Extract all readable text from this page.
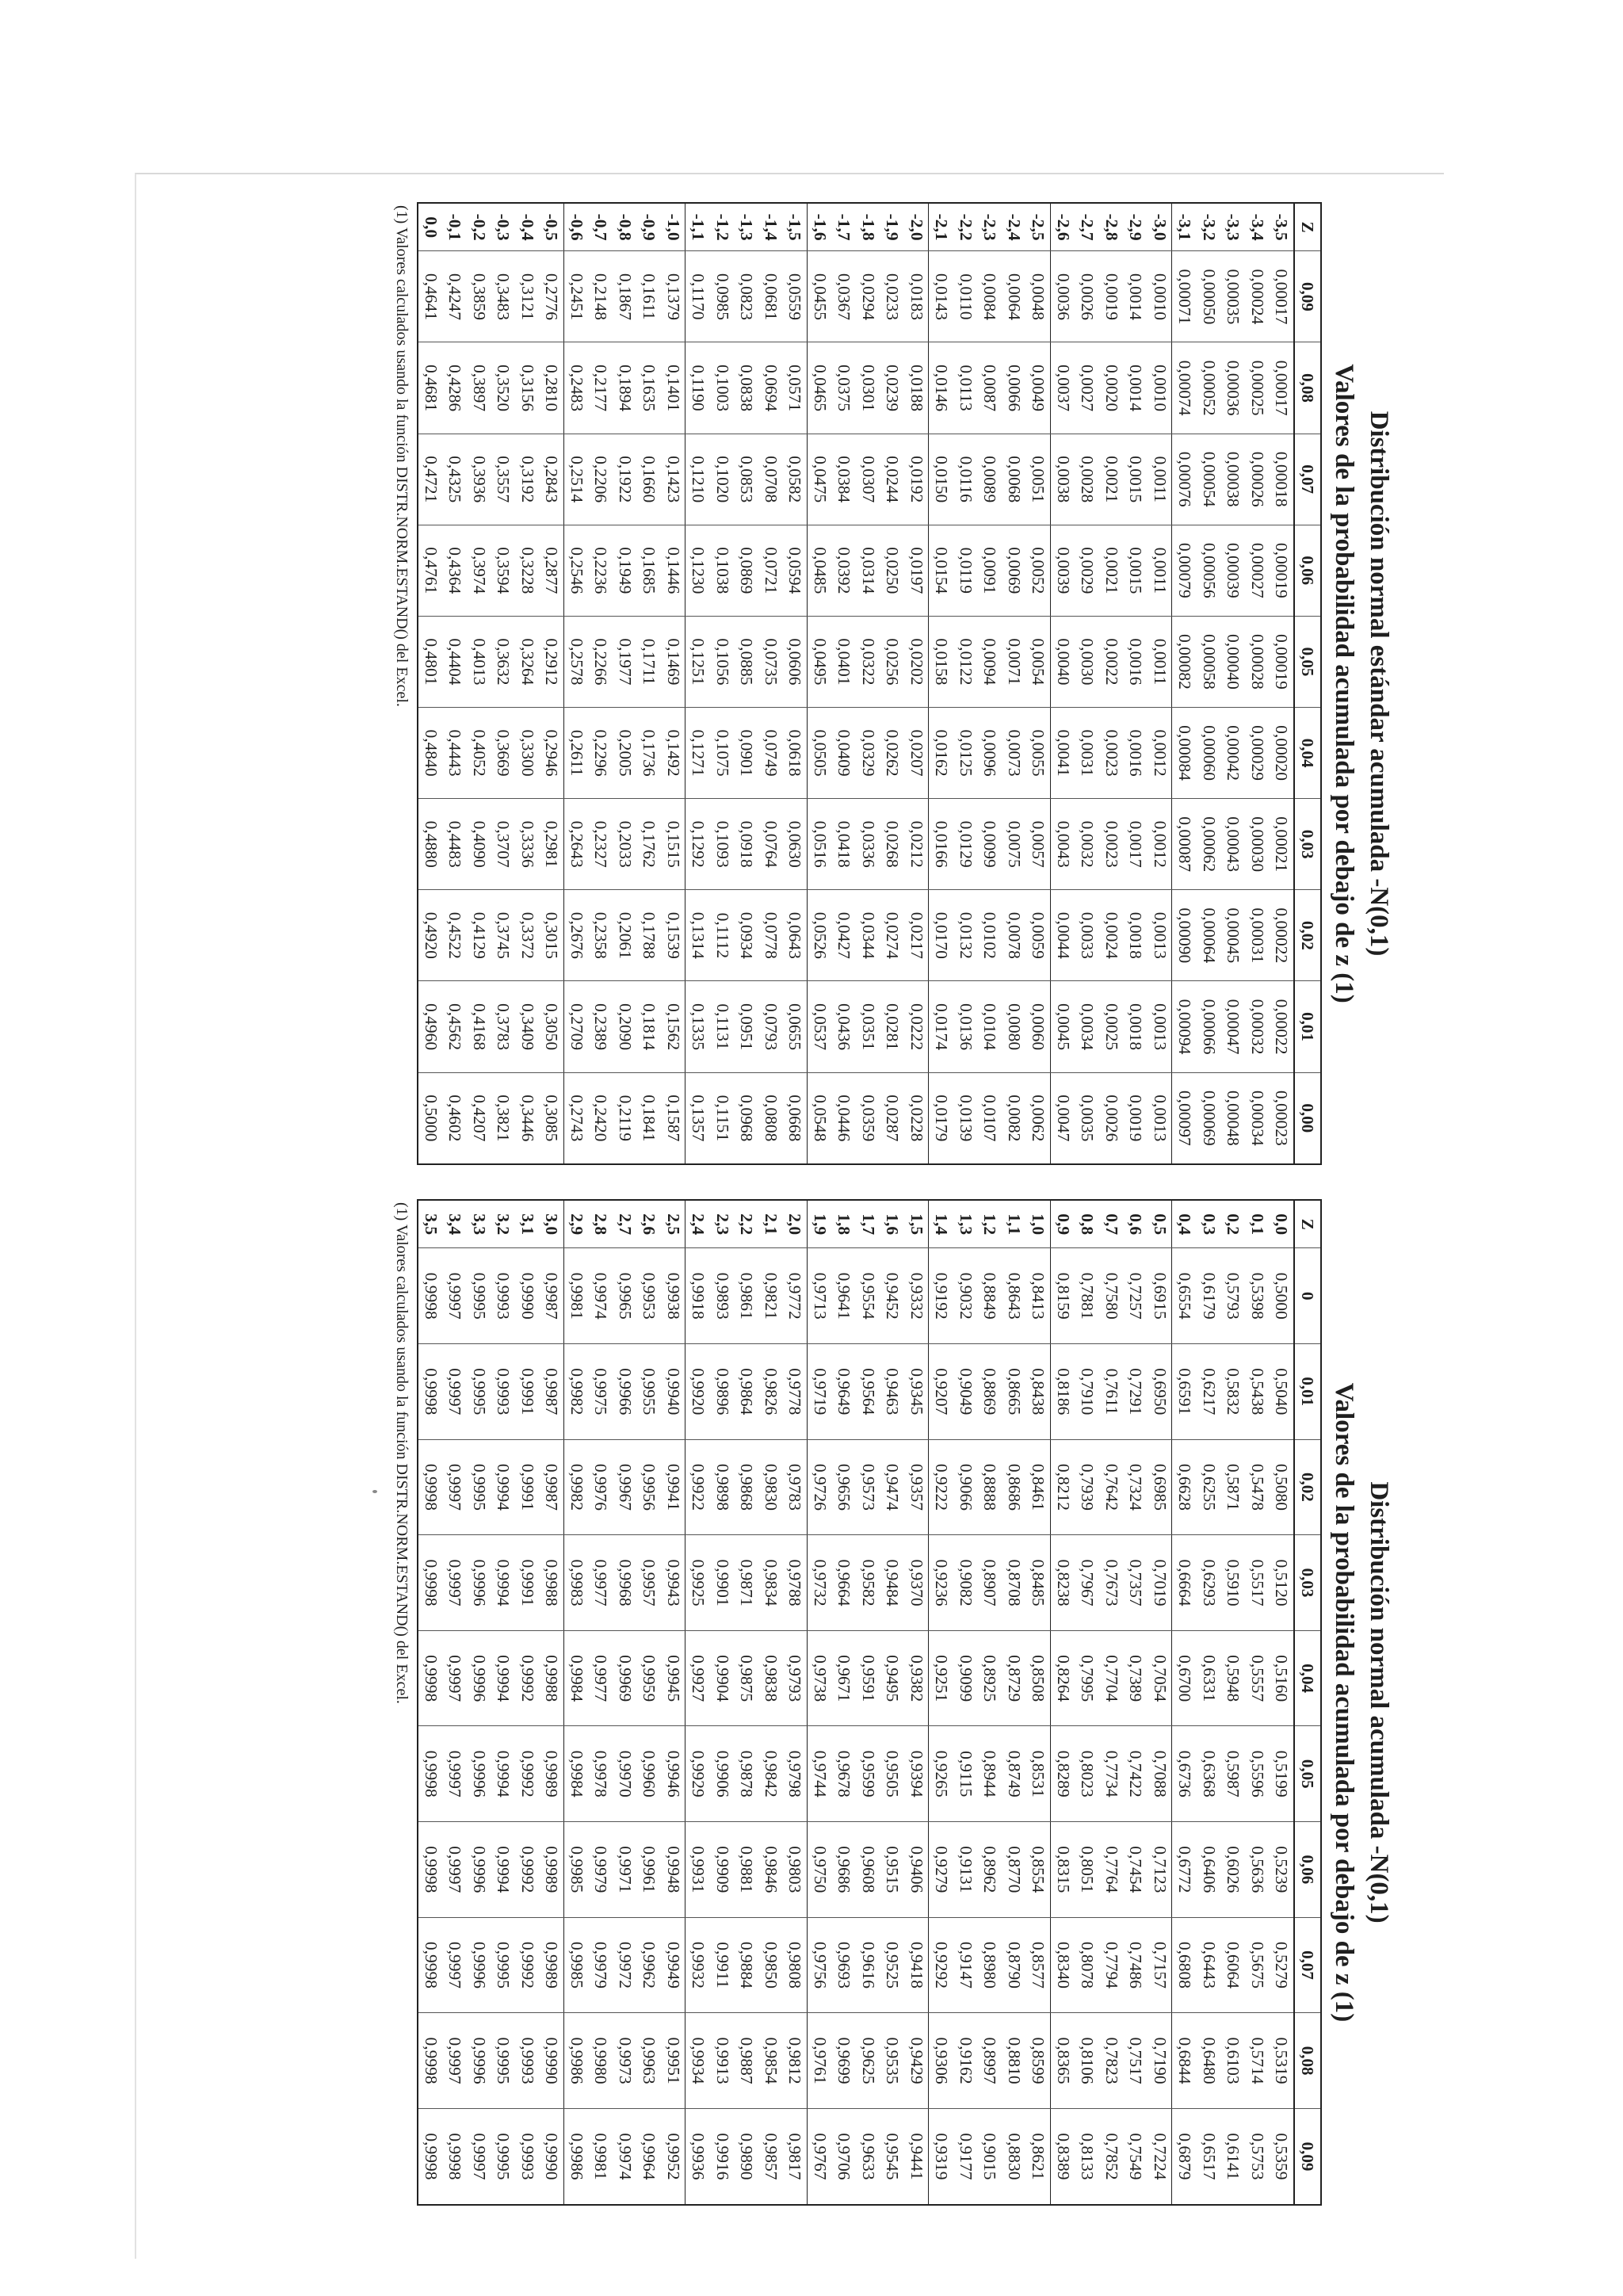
Distribución normal estándar acumulada -N(0,1)
Valores de la probabilidad acumulada por debajo de z (1)
Z	0,09	0,08	0,07	0,06	0,05	0,04	0,03	0,02	0,01	0,00
-3,5	0,00017	0,00017	0,00018	0,00019	0,00019	0,00020	0,00021	0,00022	0,00022	0,00023
-3,4	0,00024	0,00025	0,00026	0,00027	0,00028	0,00029	0,00030	0,00031	0,00032	0,00034
-3,3	0,00035	0,00036	0,00038	0,00039	0,00040	0,00042	0,00043	0,00045	0,00047	0,00048
-3,2	0,00050	0,00052	0,00054	0,00056	0,00058	0,00060	0,00062	0,00064	0,00066	0,00069
-3,1	0,00071	0,00074	0,00076	0,00079	0,00082	0,00084	0,00087	0,00090	0,00094	0,00097
-3,0	0,0010	0,0010	0,0011	0,0011	0,0011	0,0012	0,0012	0,0013	0,0013	0,0013
-2,9	0,0014	0,0014	0,0015	0,0015	0,0016	0,0016	0,0017	0,0018	0,0018	0,0019
-2,8	0,0019	0,0020	0,0021	0,0021	0,0022	0,0023	0,0023	0,0024	0,0025	0,0026
-2,7	0,0026	0,0027	0,0028	0,0029	0,0030	0,0031	0,0032	0,0033	0,0034	0,0035
-2,6	0,0036	0,0037	0,0038	0,0039	0,0040	0,0041	0,0043	0,0044	0,0045	0,0047
-2,5	0,0048	0,0049	0,0051	0,0052	0,0054	0,0055	0,0057	0,0059	0,0060	0,0062
-2,4	0,0064	0,0066	0,0068	0,0069	0,0071	0,0073	0,0075	0,0078	0,0080	0,0082
-2,3	0,0084	0,0087	0,0089	0,0091	0,0094	0,0096	0,0099	0,0102	0,0104	0,0107
-2,2	0,0110	0,0113	0,0116	0,0119	0,0122	0,0125	0,0129	0,0132	0,0136	0,0139
-2,1	0,0143	0,0146	0,0150	0,0154	0,0158	0,0162	0,0166	0,0170	0,0174	0,0179
-2,0	0,0183	0,0188	0,0192	0,0197	0,0202	0,0207	0,0212	0,0217	0,0222	0,0228
-1,9	0,0233	0,0239	0,0244	0,0250	0,0256	0,0262	0,0268	0,0274	0,0281	0,0287
-1,8	0,0294	0,0301	0,0307	0,0314	0,0322	0,0329	0,0336	0,0344	0,0351	0,0359
-1,7	0,0367	0,0375	0,0384	0,0392	0,0401	0,0409	0,0418	0,0427	0,0436	0,0446
-1,6	0,0455	0,0465	0,0475	0,0485	0,0495	0,0505	0,0516	0,0526	0,0537	0,0548
-1,5	0,0559	0,0571	0,0582	0,0594	0,0606	0,0618	0,0630	0,0643	0,0655	0,0668
-1,4	0,0681	0,0694	0,0708	0,0721	0,0735	0,0749	0,0764	0,0778	0,0793	0,0808
-1,3	0,0823	0,0838	0,0853	0,0869	0,0885	0,0901	0,0918	0,0934	0,0951	0,0968
-1,2	0,0985	0,1003	0,1020	0,1038	0,1056	0,1075	0,1093	0,1112	0,1131	0,1151
-1,1	0,1170	0,1190	0,1210	0,1230	0,1251	0,1271	0,1292	0,1314	0,1335	0,1357
-1,0	0,1379	0,1401	0,1423	0,1446	0,1469	0,1492	0,1515	0,1539	0,1562	0,1587
-0,9	0,1611	0,1635	0,1660	0,1685	0,1711	0,1736	0,1762	0,1788	0,1814	0,1841
-0,8	0,1867	0,1894	0,1922	0,1949	0,1977	0,2005	0,2033	0,2061	0,2090	0,2119
-0,7	0,2148	0,2177	0,2206	0,2236	0,2266	0,2296	0,2327	0,2358	0,2389	0,2420
-0,6	0,2451	0,2483	0,2514	0,2546	0,2578	0,2611	0,2643	0,2676	0,2709	0,2743
-0,5	0,2776	0,2810	0,2843	0,2877	0,2912	0,2946	0,2981	0,3015	0,3050	0,3085
-0,4	0,3121	0,3156	0,3192	0,3228	0,3264	0,3300	0,3336	0,3372	0,3409	0,3446
-0,3	0,3483	0,3520	0,3557	0,3594	0,3632	0,3669	0,3707	0,3745	0,3783	0,3821
-0,2	0,3859	0,3897	0,3936	0,3974	0,4013	0,4052	0,4090	0,4129	0,4168	0,4207
-0,1	0,4247	0,4286	0,4325	0,4364	0,4404	0,4443	0,4483	0,4522	0,4562	0,4602
0,0	0,4641	0,4681	0,4721	0,4761	0,4801	0,4840	0,4880	0,4920	0,4960	0,5000
(1) Valores calculados usando la función DISTR.NORM.ESTAND() del Excel.
Distribución normal acumulada -N(0,1)
Valores de la probabilidad acumulada por debajo de z (1)
Z	0	0,01	0,02	0,03	0,04	0,05	0,06	0,07	0,08	0,09
0,0	0,5000	0,5040	0,5080	0,5120	0,5160	0,5199	0,5239	0,5279	0,5319	0,5359
0,1	0,5398	0,5438	0,5478	0,5517	0,5557	0,5596	0,5636	0,5675	0,5714	0,5753
0,2	0,5793	0,5832	0,5871	0,5910	0,5948	0,5987	0,6026	0,6064	0,6103	0,6141
0,3	0,6179	0,6217	0,6255	0,6293	0,6331	0,6368	0,6406	0,6443	0,6480	0,6517
0,4	0,6554	0,6591	0,6628	0,6664	0,6700	0,6736	0,6772	0,6808	0,6844	0,6879
0,5	0,6915	0,6950	0,6985	0,7019	0,7054	0,7088	0,7123	0,7157	0,7190	0,7224
0,6	0,7257	0,7291	0,7324	0,7357	0,7389	0,7422	0,7454	0,7486	0,7517	0,7549
0,7	0,7580	0,7611	0,7642	0,7673	0,7704	0,7734	0,7764	0,7794	0,7823	0,7852
0,8	0,7881	0,7910	0,7939	0,7967	0,7995	0,8023	0,8051	0,8078	0,8106	0,8133
0,9	0,8159	0,8186	0,8212	0,8238	0,8264	0,8289	0,8315	0,8340	0,8365	0,8389
1,0	0,8413	0,8438	0,8461	0,8485	0,8508	0,8531	0,8554	0,8577	0,8599	0,8621
1,1	0,8643	0,8665	0,8686	0,8708	0,8729	0,8749	0,8770	0,8790	0,8810	0,8830
1,2	0,8849	0,8869	0,8888	0,8907	0,8925	0,8944	0,8962	0,8980	0,8997	0,9015
1,3	0,9032	0,9049	0,9066	0,9082	0,9099	0,9115	0,9131	0,9147	0,9162	0,9177
1,4	0,9192	0,9207	0,9222	0,9236	0,9251	0,9265	0,9279	0,9292	0,9306	0,9319
1,5	0,9332	0,9345	0,9357	0,9370	0,9382	0,9394	0,9406	0,9418	0,9429	0,9441
1,6	0,9452	0,9463	0,9474	0,9484	0,9495	0,9505	0,9515	0,9525	0,9535	0,9545
1,7	0,9554	0,9564	0,9573	0,9582	0,9591	0,9599	0,9608	0,9616	0,9625	0,9633
1,8	0,9641	0,9649	0,9656	0,9664	0,9671	0,9678	0,9686	0,9693	0,9699	0,9706
1,9	0,9713	0,9719	0,9726	0,9732	0,9738	0,9744	0,9750	0,9756	0,9761	0,9767
2,0	0,9772	0,9778	0,9783	0,9788	0,9793	0,9798	0,9803	0,9808	0,9812	0,9817
2,1	0,9821	0,9826	0,9830	0,9834	0,9838	0,9842	0,9846	0,9850	0,9854	0,9857
2,2	0,9861	0,9864	0,9868	0,9871	0,9875	0,9878	0,9881	0,9884	0,9887	0,9890
2,3	0,9893	0,9896	0,9898	0,9901	0,9904	0,9906	0,9909	0,9911	0,9913	0,9916
2,4	0,9918	0,9920	0,9922	0,9925	0,9927	0,9929	0,9931	0,9932	0,9934	0,9936
2,5	0,9938	0,9940	0,9941	0,9943	0,9945	0,9946	0,9948	0,9949	0,9951	0,9952
2,6	0,9953	0,9955	0,9956	0,9957	0,9959	0,9960	0,9961	0,9962	0,9963	0,9964
2,7	0,9965	0,9966	0,9967	0,9968	0,9969	0,9970	0,9971	0,9972	0,9973	0,9974
2,8	0,9974	0,9975	0,9976	0,9977	0,9977	0,9978	0,9979	0,9979	0,9980	0,9981
2,9	0,9981	0,9982	0,9982	0,9983	0,9984	0,9984	0,9985	0,9985	0,9986	0,9986
3,0	0,9987	0,9987	0,9987	0,9988	0,9988	0,9989	0,9989	0,9989	0,9990	0,9990
3,1	0,9990	0,9991	0,9991	0,9991	0,9992	0,9992	0,9992	0,9992	0,9993	0,9993
3,2	0,9993	0,9993	0,9994	0,9994	0,9994	0,9994	0,9994	0,9995	0,9995	0,9995
3,3	0,9995	0,9995	0,9995	0,9996	0,9996	0,9996	0,9996	0,9996	0,9996	0,9997
3,4	0,9997	0,9997	0,9997	0,9997	0,9997	0,9997	0,9997	0,9997	0,9997	0,9998
3,5	0,9998	0,9998	0,9998	0,9998	0,9998	0,9998	0,9998	0,9998	0,9998	0,9998
(1) Valores calculados usando la función DISTR.NORM.ESTAND() del Excel.
